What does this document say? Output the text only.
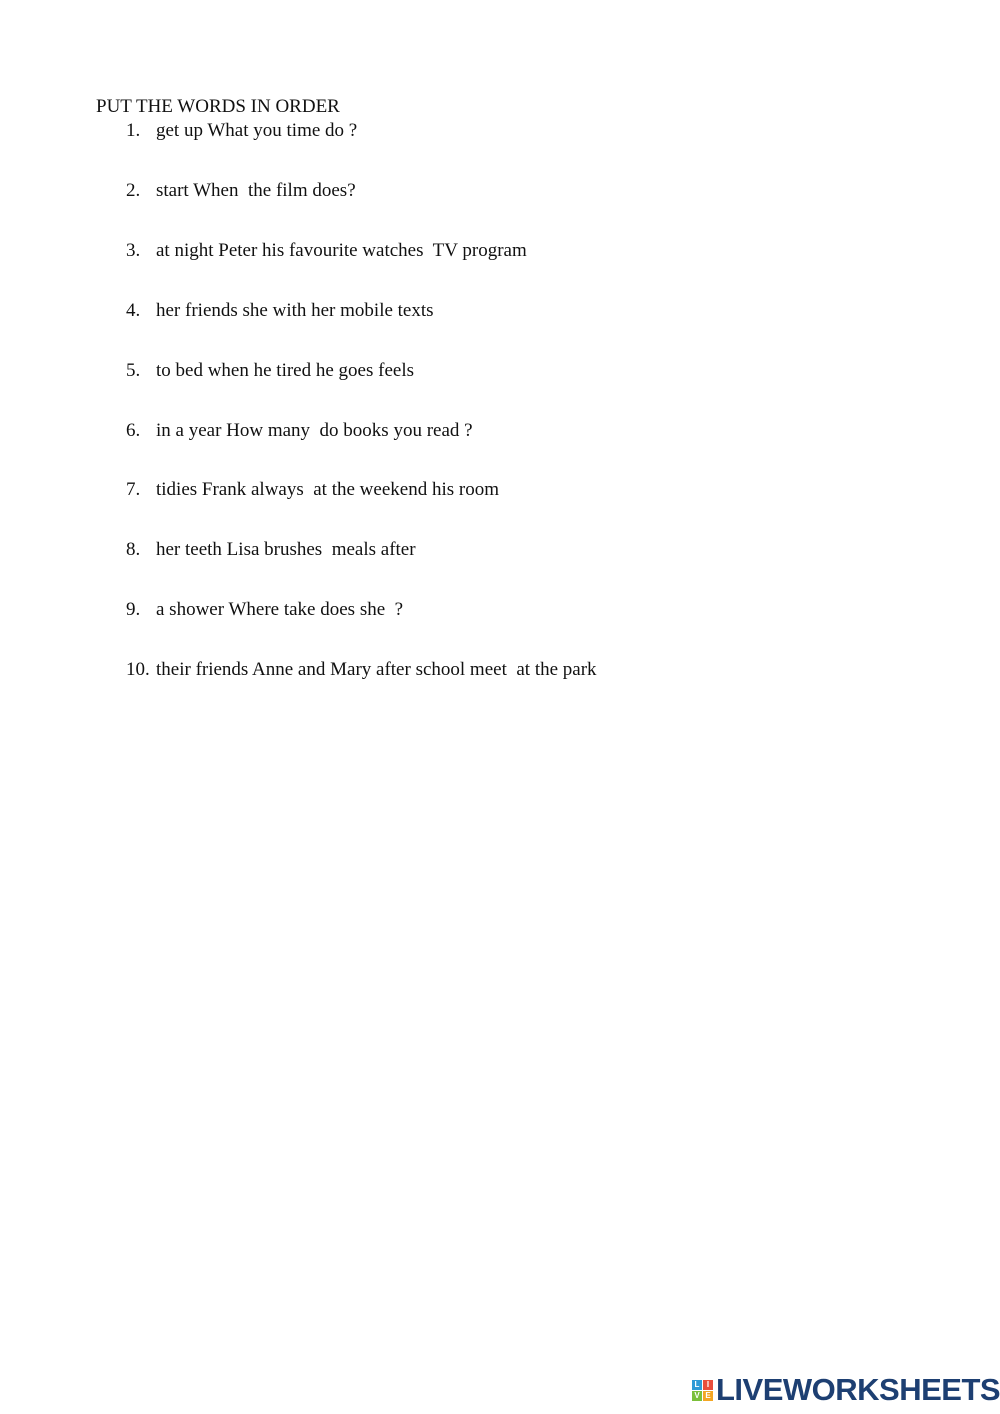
PUT THE WORDS IN ORDER
1. get up What you time do ?
2. start When  the film does?
3. at night Peter his favourite watches  TV program
4. her friends she with her mobile texts
5. to bed when he tired he goes feels
6. in a year How many  do books you read ?
7. tidies Frank always  at the weekend his room
8. her teeth Lisa brushes  meals after
9. a shower Where take does she  ?
10. their friends Anne and Mary after school meet  at the park
L I
V E LIVEWORKSHEETS
